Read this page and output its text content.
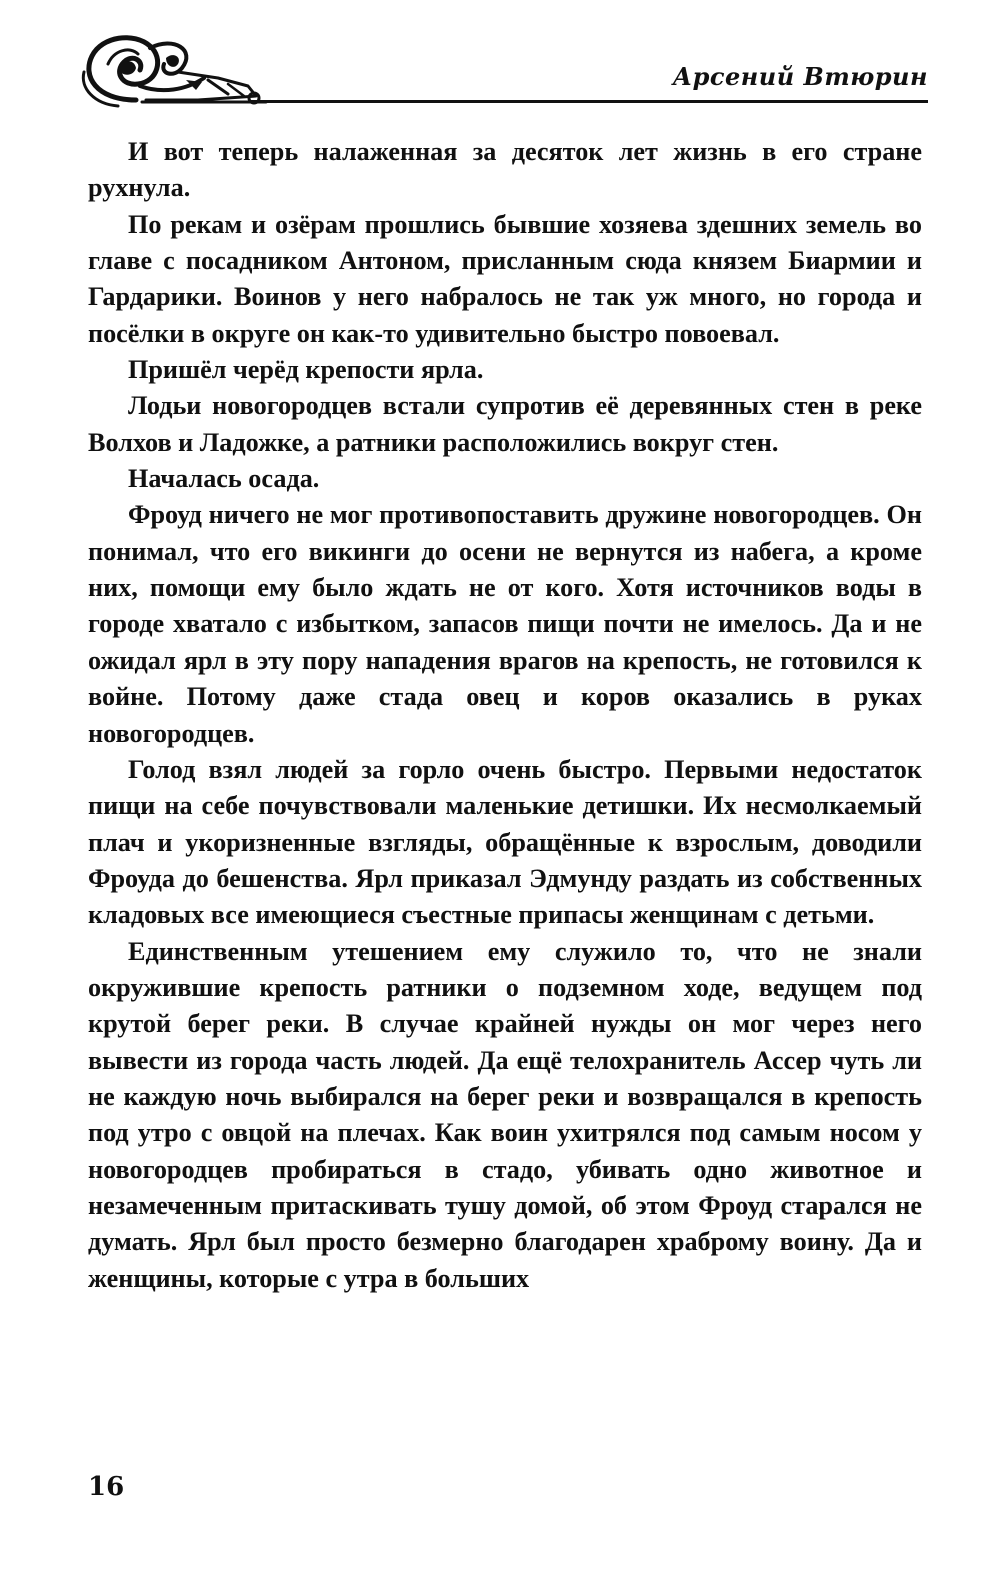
Арсений Втюрин

И вот теперь налаженная за десяток лет жизнь в его стране рухнула.

По рекам и озёрам прошлись бывшие хозяева здешних земель во главе с посадником Антоном, присланным сюда князем Биармии и Гардарики. Воинов у него набралось не так уж много, но города и посёлки в округе он как-то удивительно быстро повоевал.

Пришёл черёд крепости ярла.

Лодьи новогородцев встали супротив её деревянных стен в реке Волхов и Ладожке, а ратники расположились вокруг стен.

Началась осада.

Фроуд ничего не мог противопоставить дружине новогородцев. Он понимал, что его викинги до осени не вернутся из набега, а кроме них, помощи ему было ждать не от кого. Хотя источников воды в городе хватало с избытком, запасов пищи почти не имелось. Да и не ожидал ярл в эту пору нападения врагов на крепость, не готовился к войне. Потому даже стада овец и коров оказались в руках новогородцев.

Голод взял людей за горло очень быстро. Первыми недостаток пищи на себе почувствовали маленькие детишки. Их несмолкаемый плач и укоризненные взгляды, обращённые к взрослым, доводили Фроуда до бешенства. Ярл приказал Эдмунду раздать из собственных кладовых все имеющиеся съестные припасы женщинам с детьми.

Единственным утешением ему служило то, что не знали окружившие крепость ратники о подземном ходе, ведущем под крутой берег реки. В случае крайней нужды он мог через него вывести из города часть людей. Да ещё телохранитель Ассер чуть ли не каждую ночь выбирался на берег реки и возвращался в крепость под утро с овцой на плечах. Как воин ухитрялся под самым носом у новогородцев пробираться в стадо, убивать одно животное и незамеченным притаскивать тушу домой, об этом Фроуд старался не думать. Ярл был просто безмерно благодарен храброму воину. Да и женщины, которые с утра в больших

16
